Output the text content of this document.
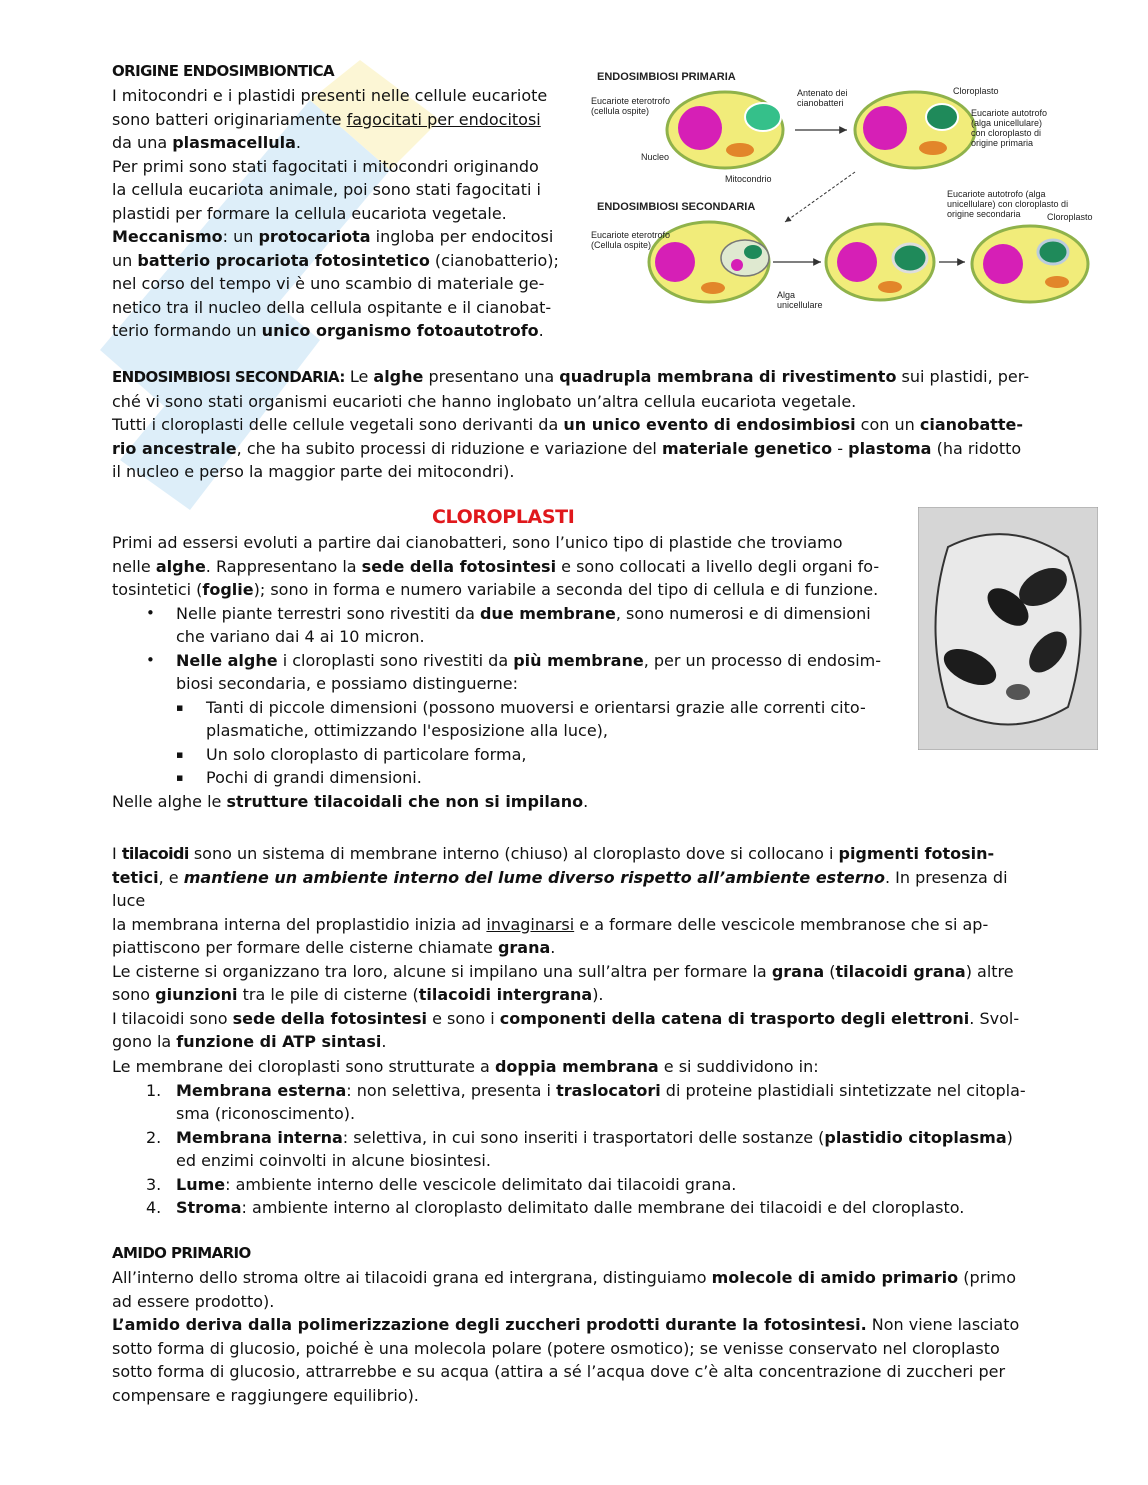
ORIGINE ENDOSIMBIONTICA
I mitocondri e i plastidi presenti nelle cellule eucariote
sono batteri originariamente fagocitati per endocitosi
da una plasmacellula.
Per primi sono stati fagocitati i mitocondri originando
la cellula eucariota animale, poi sono stati fagocitati i
plastidi per formare la cellula eucariota vegetale.
Meccanismo: un protocariota ingloba per endocitosi
un batterio procariota fotosintetico (cianobatterio);
nel corso del tempo vi è uno scambio di materiale ge-
netico tra il nucleo della cellula ospitante e il cianobat-
terio formando un unico organismo fotoautotrofo.
ENDOSIMBIOSI PRIMARIA
Eucariote eterotrofo
(cellula ospite)
Antenato dei
cianobatteri
Cloroplasto
Eucariote autotrofo
(alga unicellulare)
con cloroplasto di
origine primaria
Nucleo
Mitocondrio
ENDOSIMBIOSI SECONDARIA
Eucariote eterotrofo
(Cellula ospite)
Eucariote autotrofo (alga
unicellulare) con cloroplasto di
origine secondaria	Cloroplasto
Alga
unicellulare
ENDOSIMBIOSI SECONDARIA: Le alghe presentano una quadrupla membrana di rivestimento sui plastidi, per-
ché vi sono stati organismi eucarioti che hanno inglobato un’altra cellula eucariota vegetale.
Tutti i cloroplasti delle cellule vegetali sono derivanti da un unico evento di endosimbiosi con un cianobatte-
rio ancestrale, che ha subito processi di riduzione e variazione del materiale genetico - plastoma (ha ridotto
il nucleo e perso la maggior parte dei mitocondri).
CLOROPLASTI
Primi ad essersi evoluti a partire dai cianobatteri, sono l’unico tipo di plastide che troviamo
nelle alghe. Rappresentano la sede della fotosintesi e sono collocati a livello degli organi fo-
tosintetici (foglie); sono in forma e numero variabile a seconda del tipo di cellula e di funzione.
• Nelle piante terrestri sono rivestiti da due membrane, sono numerosi e di dimensioni
che variano dai 4 ai 10 micron.
• Nelle alghe i cloroplasti sono rivestiti da più membrane, per un processo di endosim-
biosi secondaria, e possiamo distinguerne:
▪ Tanti di piccole dimensioni (possono muoversi e orientarsi grazie alle correnti cito-
plasmatiche, ottimizzando l'esposizione alla luce),
▪ Un solo cloroplasto di particolare forma,
▪ Pochi di grandi dimensioni.
Nelle alghe le strutture tilacoidali che non si impilano.
I tilacoidi sono un sistema di membrane interno (chiuso) al cloroplasto dove si collocano i pigmenti fotosin-
tetici, e mantiene un ambiente interno del lume diverso rispetto all’ambiente esterno. In presenza di luce
la membrana interna del proplastidio inizia ad invaginarsi e a formare delle vescicole membranose che si ap-
piattiscono per formare delle cisterne chiamate grana.
Le cisterne si organizzano tra loro, alcune si impilano una sull’altra per formare la grana (tilacoidi grana) altre
sono giunzioni tra le pile di cisterne (tilacoidi intergrana).
I tilacoidi sono sede della fotosintesi e sono i componenti della catena di trasporto degli elettroni. Svol-
gono la funzione di ATP sintasi.
Le membrane dei cloroplasti sono strutturate a doppia membrana e si suddividono in:
1. Membrana esterna: non selettiva, presenta i traslocatori di proteine plastidiali sintetizzate nel citopla-
sma (riconoscimento).
2. Membrana interna: selettiva, in cui sono inseriti i trasportatori delle sostanze (plastidio citoplasma)
ed enzimi coinvolti in alcune biosintesi.
3. Lume: ambiente interno delle vescicole delimitato dai tilacoidi grana.
4. Stroma: ambiente interno al cloroplasto delimitato dalle membrane dei tilacoidi e del cloroplasto.
AMIDO PRIMARIO
All’interno dello stroma oltre ai tilacoidi grana ed intergrana, distinguiamo molecole di amido primario (primo
ad essere prodotto).
L’amido deriva dalla polimerizzazione degli zuccheri prodotti durante la fotosintesi. Non viene lasciato
sotto forma di glucosio, poiché è una molecola polare (potere osmotico); se venisse conservato nel cloroplasto
sotto forma di glucosio, attrarrebbe e su acqua (attira a sé l’acqua dove c’è alta concentrazione di zuccheri per
compensare e raggiungere equilibrio).
